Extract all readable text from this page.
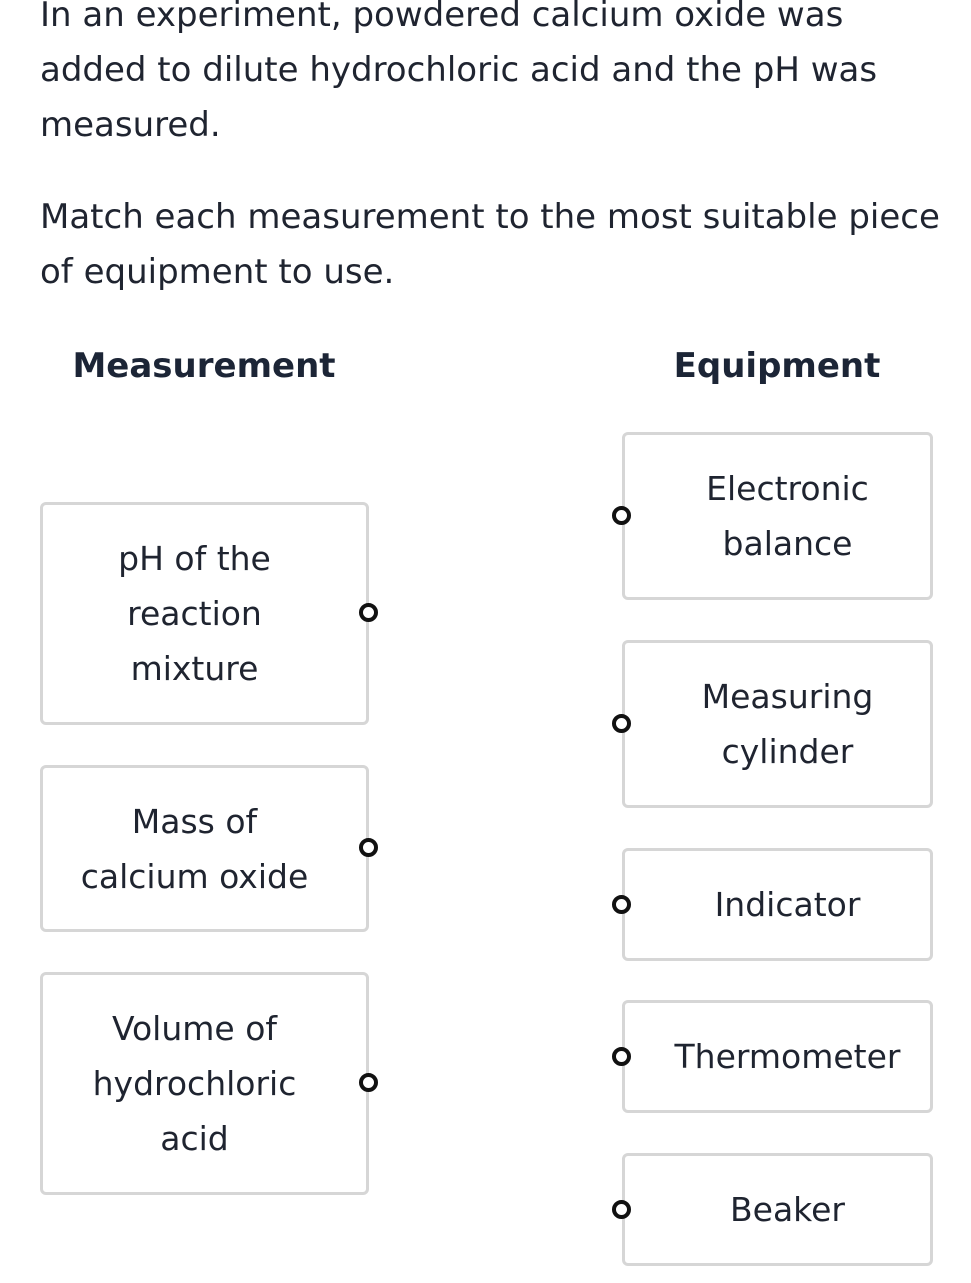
In an experiment, powdered calcium oxide was added to dilute hydrochloric acid and the pH was measured.

Match each measurement to the most suitable piece of equipment to use.

Measurement	Equipment
pH of the
reaction
mixture
Mass of
calcium oxide
Volume of
hydrochloric
acid
Electronic
balance
Measuring
cylinder
Indicator
Thermometer
Beaker
